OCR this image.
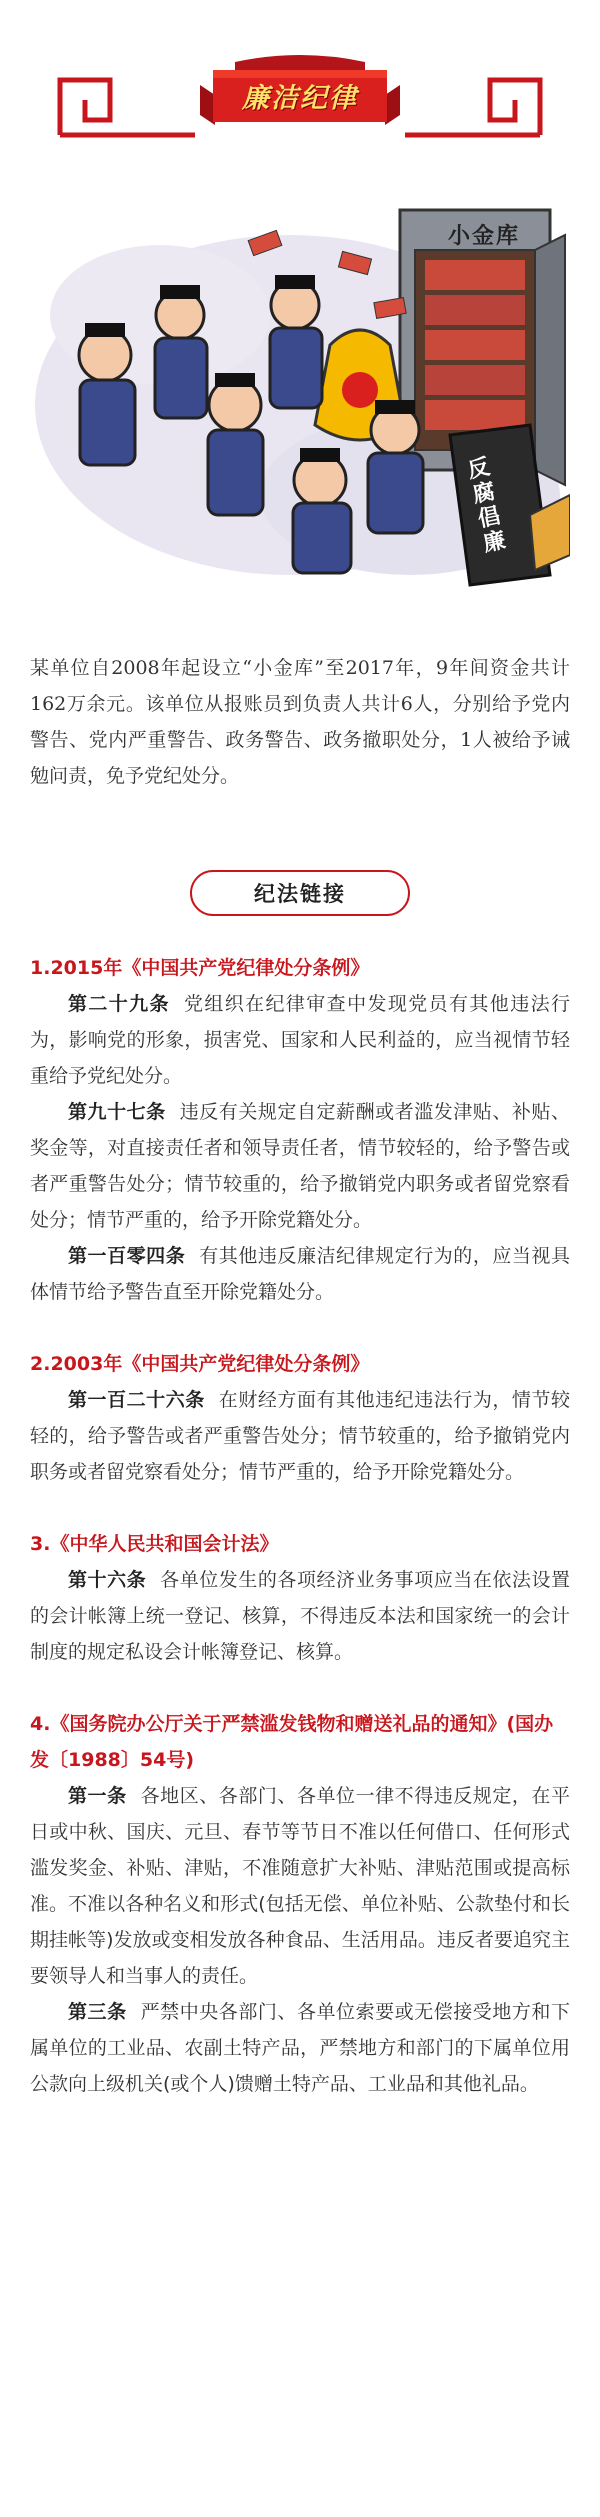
廉洁纪律
小金库
反腐倡廉

某单位自2008年起设立“小金库”至2017年，9年间资金共计162万余元。该单位从报账员到负责人共计6人，分别给予党内警告、党内严重警告、政务警告、政务撤职处分，1人被给予诫勉问责，免予党纪处分。

纪法链接

1.2015年《中国共产党纪律处分条例》

第二十九条 党组织在纪律审查中发现党员有其他违法行为，影响党的形象，损害党、国家和人民利益的，应当视情节轻重给予党纪处分。

第九十七条 违反有关规定自定薪酬或者滥发津贴、补贴、奖金等，对直接责任者和领导责任者，情节较轻的，给予警告或者严重警告处分；情节较重的，给予撤销党内职务或者留党察看处分；情节严重的，给予开除党籍处分。

第一百零四条 有其他违反廉洁纪律规定行为的，应当视具体情节给予警告直至开除党籍处分。

2.2003年《中国共产党纪律处分条例》

第一百二十六条 在财经方面有其他违纪违法行为，情节较轻的，给予警告或者严重警告处分；情节较重的，给予撤销党内职务或者留党察看处分；情节严重的，给予开除党籍处分。

3.《中华人民共和国会计法》

第十六条 各单位发生的各项经济业务事项应当在依法设置的会计帐簿上统一登记、核算，不得违反本法和国家统一的会计制度的规定私设会计帐簿登记、核算。

4.《国务院办公厅关于严禁滥发钱物和赠送礼品的通知》(国办发〔1988〕54号)

第一条 各地区、各部门、各单位一律不得违反规定，在平日或中秋、国庆、元旦、春节等节日不准以任何借口、任何形式滥发奖金、补贴、津贴，不准随意扩大补贴、津贴范围或提高标准。不准以各种名义和形式(包括无偿、单位补贴、公款垫付和长期挂帐等)发放或变相发放各种食品、生活用品。违反者要追究主要领导人和当事人的责任。

第三条 严禁中央各部门、各单位索要或无偿接受地方和下属单位的工业品、农副土特产品，严禁地方和部门的下属单位用公款向上级机关(或个人)馈赠土特产品、工业品和其他礼品。
